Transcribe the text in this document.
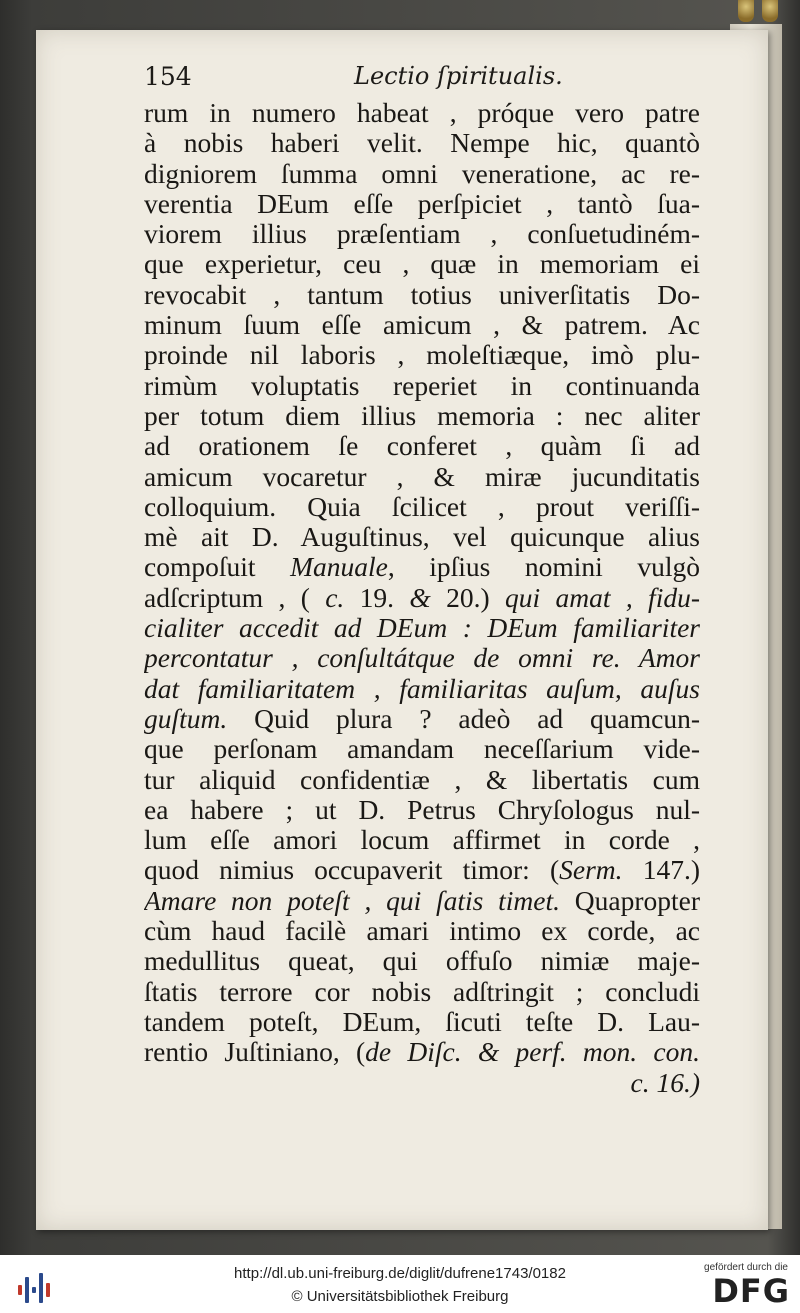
154	Lectio ſpiritualis.
rum in numero habeat , próque vero patre
à nobis haberi velit. Nempe hic, quantò
digniorem ſumma omni veneratione, ac re-
verentia DEum eſſe perſpiciet , tantò ſua-
viorem illius præſentiam , conſuetudiném-
que experietur, ceu , quæ in memoriam ei
revocabit , tantum totius univerſitatis Do-
minum ſuum eſſe amicum , & patrem. Ac
proinde nil laboris , moleſtiæque, imò plu-
rimùm voluptatis reperiet in continuanda
per totum diem illius memoria : nec aliter
ad orationem ſe conferet , quàm ſi ad
amicum vocaretur , & miræ jucunditatis
colloquium. Quia ſcilicet , prout veriſſi-
mè ait D. Auguſtinus, vel quicunque alius
compoſuit Manuale, ipſius nomini vulgò
adſcriptum , ( c. 19. & 20.) qui amat , fidu-
cialiter accedit ad DEum : DEum familiariter
percontatur , conſultátque de omni re. Amor
dat familiaritatem , familiaritas auſum, auſus
guſtum. Quid plura ? adeò ad quamcun-
que perſonam amandam neceſſarium vide-
tur aliquid confidentiæ , & libertatis cum
ea habere ; ut D. Petrus Chryſologus nul-
lum eſſe amori locum affirmet in corde ,
quod nimius occupaverit timor: (Serm. 147.)
Amare non poteſt , qui ſatis timet. Quapropter
cùm haud facilè amari intimo ex corde, ac
medullitus queat, qui offuſo nimiæ maje-
ſtatis terrore cor nobis adſtringit ; concludi
tandem poteſt, DEum, ſicuti teſte D. Lau-
rentio Juſtiniano, (de Diſc. & perf. mon. con.
c. 16.)
http://dl.ub.uni-freiburg.de/diglit/dufrene1743/0182
© Universitätsbibliothek Freiburg
gefördert durch die
DFG
